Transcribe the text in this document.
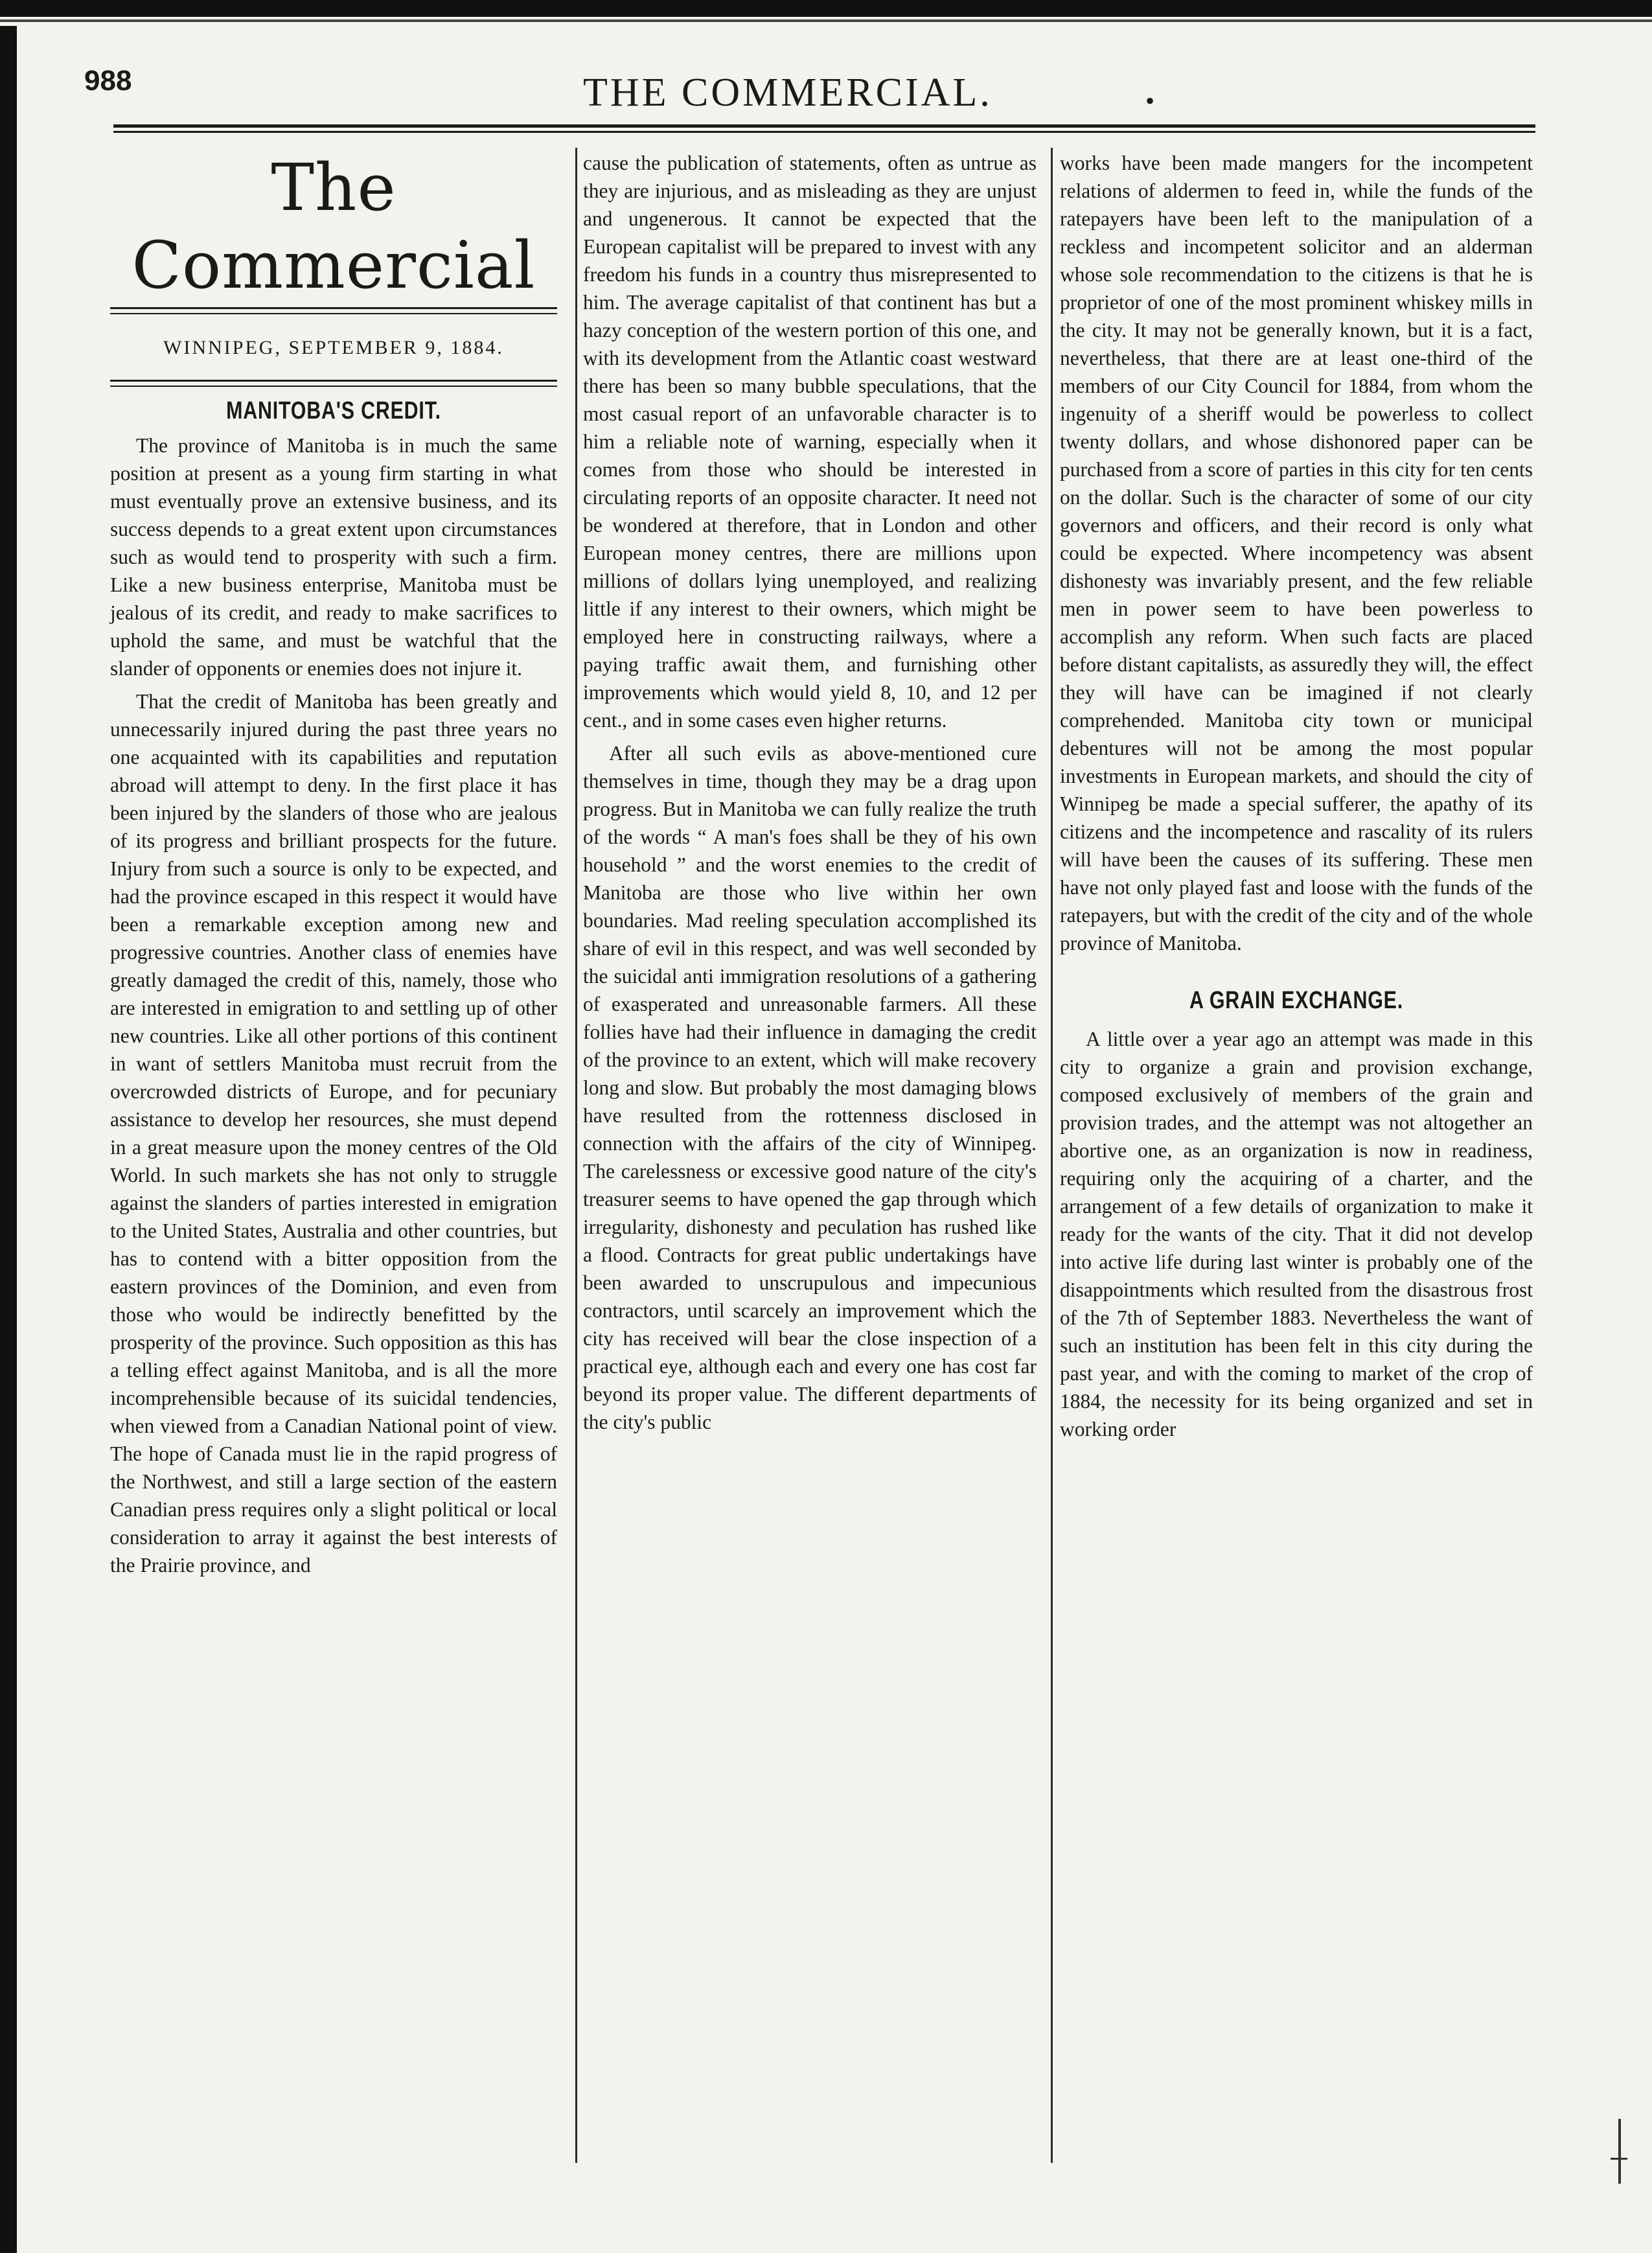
988	THE COMMERCIAL.	•
The Commercial
WINNIPEG, SEPTEMBER 9, 1884.
MANITOBA'S CREDIT.

The province of Manitoba is in much the same position at present as a young firm starting in what must eventually prove an extensive business, and its success depends to a great extent upon circumstances such as would tend to prosperity with such a firm. Like a new business enterprise, Manitoba must be jealous of its credit, and ready to make sacrifices to uphold the same, and must be watchful that the slander of opponents or enemies does not injure it.

That the credit of Manitoba has been greatly and unnecessarily injured during the past three years no one acquainted with its capabilities and reputation abroad will attempt to deny. In the first place it has been injured by the slanders of those who are jealous of its progress and brilliant prospects for the future. Injury from such a source is only to be expected, and had the province escaped in this respect it would have been a remarkable exception among new and progressive countries. Another class of enemies have greatly damaged the credit of this, namely, those who are interested in emigration to and settling up of other new countries. Like all other portions of this continent in want of settlers Manitoba must recruit from the overcrowded districts of Europe, and for pecuniary assistance to develop her resources, she must depend in a great measure upon the money centres of the Old World. In such markets she has not only to struggle against the slanders of parties interested in emigration to the United States, Australia and other countries, but has to contend with a bitter opposition from the eastern provinces of the Dominion, and even from those who would be indirectly benefitted by the prosperity of the province. Such opposition as this has a telling effect against Manitoba, and is all the more incomprehensible because of its suicidal tendencies, when viewed from a Canadian National point of view. The hope of Canada must lie in the rapid progress of the Northwest, and still a large section of the eastern Canadian press requires only a slight political or local consideration to array it against the best interests of the Prairie province, and

cause the publication of statements, often as untrue as they are injurious, and as misleading as they are unjust and ungenerous. It cannot be expected that the European capitalist will be prepared to invest with any freedom his funds in a country thus misrepresented to him. The average capitalist of that continent has but a hazy conception of the western portion of this one, and with its development from the Atlantic coast westward there has been so many bubble speculations, that the most casual report of an unfavorable character is to him a reliable note of warning, especially when it comes from those who should be interested in circulating reports of an opposite character. It need not be wondered at therefore, that in London and other European money centres, there are millions upon millions of dollars lying unemployed, and realizing little if any interest to their owners, which might be employed here in constructing railways, where a paying traffic await them, and furnishing other improvements which would yield 8, 10, and 12 per cent., and in some cases even higher returns.

After all such evils as above-mentioned cure themselves in time, though they may be a drag upon progress. But in Manitoba we can fully realize the truth of the words “ A man's foes shall be they of his own household ” and the worst enemies to the credit of Manitoba are those who live within her own boundaries. Mad reeling speculation accomplished its share of evil in this respect, and was well seconded by the suicidal anti immigration resolutions of a gathering of exasperated and unreasonable farmers. All these follies have had their influence in damaging the credit of the province to an extent, which will make recovery long and slow. But probably the most damaging blows have resulted from the rottenness disclosed in connection with the affairs of the city of Winnipeg. The carelessness or excessive good nature of the city's treasurer seems to have opened the gap through which irregularity, dishonesty and peculation has rushed like a flood. Contracts for great public undertakings have been awarded to unscrupulous and impecunious contractors, until scarcely an improvement which the city has received will bear the close inspection of a practical eye, although each and every one has cost far beyond its proper value. The different departments of the city's public

works have been made mangers for the incompetent relations of aldermen to feed in, while the funds of the ratepayers have been left to the manipulation of a reckless and incompetent solicitor and an alderman whose sole recommendation to the citizens is that he is proprietor of one of the most prominent whiskey mills in the city. It may not be generally known, but it is a fact, nevertheless, that there are at least one-third of the members of our City Council for 1884, from whom the ingenuity of a sheriff would be powerless to collect twenty dollars, and whose dishonored paper can be purchased from a score of parties in this city for ten cents on the dollar. Such is the character of some of our city governors and officers, and their record is only what could be expected. Where incompetency was absent dishonesty was invariably present, and the few reliable men in power seem to have been powerless to accomplish any reform. When such facts are placed before distant capitalists, as assuredly they will, the effect they will have can be imagined if not clearly comprehended. Manitoba city town or municipal debentures will not be among the most popular investments in European markets, and should the city of Winnipeg be made a special sufferer, the apathy of its citizens and the incompetence and rascality of its rulers will have been the causes of its suffering. These men have not only played fast and loose with the funds of the ratepayers, but with the credit of the city and of the whole province of Manitoba.

A GRAIN EXCHANGE.

A little over a year ago an attempt was made in this city to organize a grain and provision exchange, composed exclusively of members of the grain and provision trades, and the attempt was not altogether an abortive one, as an organization is now in readiness, requiring only the acquiring of a charter, and the arrangement of a few details of organization to make it ready for the wants of the city. That it did not develop into active life during last winter is probably one of the disappointments which resulted from the disastrous frost of the 7th of September 1883. Nevertheless the want of such an institution has been felt in this city during the past year, and with the coming to market of the crop of 1884, the necessity for its being organized and set in working order
